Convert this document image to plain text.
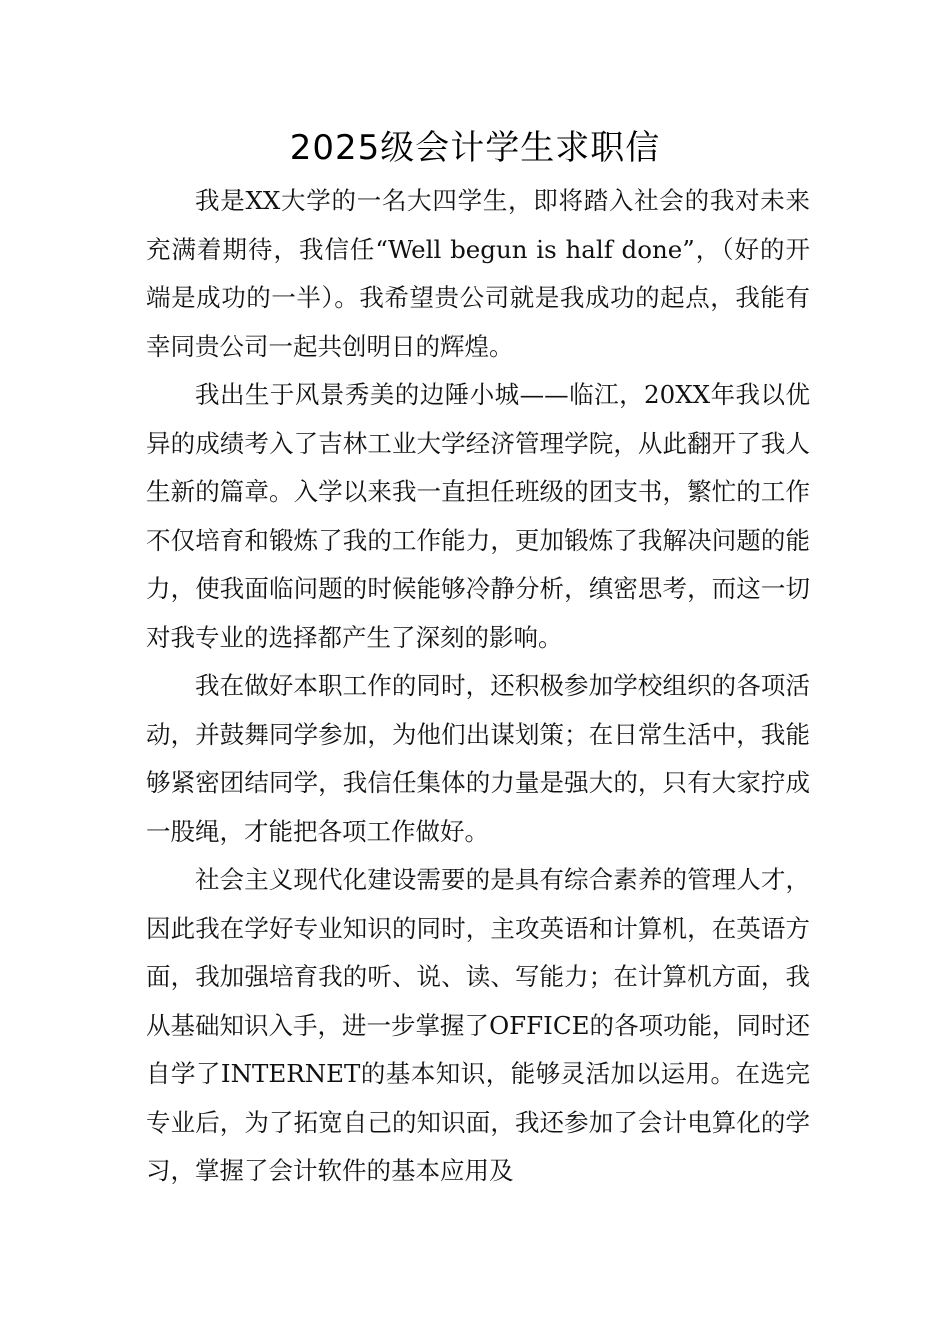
2025级会计学生求职信

我是XX大学的一名大四学生，即将踏入社会的我对未来充满着期待，我信任“Well begun is half done”，（好的开端是成功的一半）。我希望贵公司就是我成功的起点，我能有幸同贵公司一起共创明日的辉煌。

我出生于风景秀美的边陲小城——临江，20XX年我以优异的成绩考入了吉林工业大学经济管理学院，从此翻开了我人生新的篇章。入学以来我一直担任班级的团支书，繁忙的工作不仅培育和锻炼了我的工作能力，更加锻炼了我解决问题的能力，使我面临问题的时候能够冷静分析，缜密思考，而这一切对我专业的选择都产生了深刻的影响。

我在做好本职工作的同时，还积极参加学校组织的各项活动，并鼓舞同学参加，为他们出谋划策；在日常生活中，我能够紧密团结同学，我信任集体的力量是强大的，只有大家拧成一股绳，才能把各项工作做好。

社会主义现代化建设需要的是具有综合素养的管理人才，因此我在学好专业知识的同时，主攻英语和计算机，在英语方面，我加强培育我的听、说、读、写能力；在计算机方面，我从基础知识入手，进一步掌握了OFFICE的各项功能，同时还自学了INTERNET的基本知识，能够灵活加以运用。在选完专业后，为了拓宽自己的知识面，我还参加了会计电算化的学习，掌握了会计软件的基本应用及
